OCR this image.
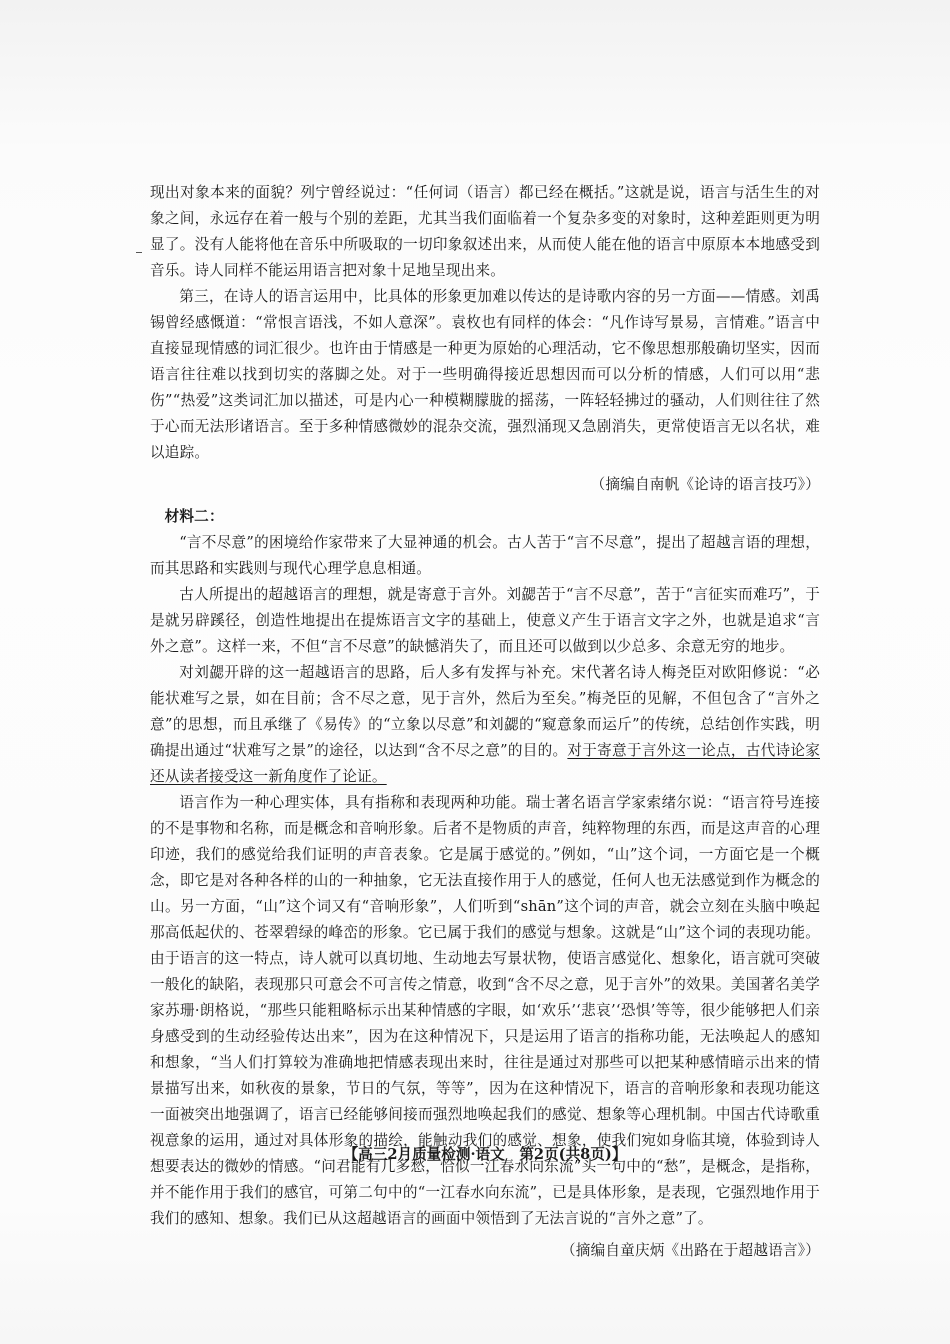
现出对象本来的面貌？列宁曾经说过：“任何词（语言）都已经在概括。”这就是说，语言与活生生的对象之间，永远存在着一般与个别的差距，尤其当我们面临着一个复杂多变的对象时，这种差距则更为明显了。没有人能将他在音乐中所吸取的一切印象叙述出来，从而使人能在他的语言中原原本本地感受到音乐。诗人同样不能运用语言把对象十足地呈现出来。

第三，在诗人的语言运用中，比具体的形象更加难以传达的是诗歌内容的另一方面——情感。刘禹锡曾经感慨道：“常恨言语浅，不如人意深”。袁枚也有同样的体会：“凡作诗写景易，言情难。”语言中直接显现情感的词汇很少。也许由于情感是一种更为原始的心理活动，它不像思想那般确切坚实，因而语言往往难以找到切实的落脚之处。对于一些明确得接近思想因而可以分析的情感，人们可以用“悲伤”“热爱”这类词汇加以描述，可是内心一种模糊朦胧的摇荡，一阵轻轻拂过的骚动，人们则往往了然于心而无法形诸语言。至于多种情感微妙的混杂交流，强烈涌现又急剧消失，更常使语言无以名状，难以追踪。

（摘编自南帆《论诗的语言技巧》）

材料二：

“言不尽意”的困境给作家带来了大显神通的机会。古人苦于“言不尽意”，提出了超越言语的理想，而其思路和实践则与现代心理学息息相通。

古人所提出的超越语言的理想，就是寄意于言外。刘勰苦于“言不尽意”，苦于“言征实而难巧”，于是就另辟蹊径，创造性地提出在提炼语言文字的基础上，使意义产生于语言文字之外，也就是追求“言外之意”。这样一来，不但“言不尽意”的缺憾消失了，而且还可以做到以少总多、余意无穷的地步。

对刘勰开辟的这一超越语言的思路，后人多有发挥与补充。宋代著名诗人梅尧臣对欧阳修说：“必能状难写之景，如在目前；含不尽之意，见于言外，然后为至矣。”梅尧臣的见解，不但包含了“言外之意”的思想，而且承继了《易传》的“立象以尽意”和刘勰的“窥意象而运斤”的传统，总结创作实践，明确提出通过“状难写之景”的途径，以达到“含不尽之意”的目的。对于寄意于言外这一论点，古代诗论家还从读者接受这一新角度作了论证。

语言作为一种心理实体，具有指称和表现两种功能。瑞士著名语言学家索绪尔说：“语言符号连接的不是事物和名称，而是概念和音响形象。后者不是物质的声音，纯粹物理的东西，而是这声音的心理印迹，我们的感觉给我们证明的声音表象。它是属于感觉的。”例如，“山”这个词，一方面它是一个概念，即它是对各种各样的山的一种抽象，它无法直接作用于人的感觉，任何人也无法感觉到作为概念的山。另一方面，“山”这个词又有“音响形象”，人们听到“shān”这个词的声音，就会立刻在头脑中唤起那高低起伏的、苍翠碧绿的峰峦的形象。它已属于我们的感觉与想象。这就是“山”这个词的表现功能。由于语言的这一特点，诗人就可以真切地、生动地去写景状物，使语言感觉化、想象化，语言就可突破一般化的缺陷，表现那只可意会不可言传之情意，收到“含不尽之意，见于言外”的效果。美国著名美学家苏珊·朗格说，“那些只能粗略标示出某种情感的字眼，如‘欢乐’‘悲哀’‘恐惧’等等，很少能够把人们亲身感受到的生动经验传达出来”，因为在这种情况下，只是运用了语言的指称功能，无法唤起人的感知和想象，“当人们打算较为准确地把情感表现出来时，往往是通过对那些可以把某种感情暗示出来的情景描写出来，如秋夜的景象，节日的气氛，等等”，因为在这种情况下，语言的音响形象和表现功能这一面被突出地强调了，语言已经能够间接而强烈地唤起我们的感觉、想象等心理机制。中国古代诗歌重视意象的运用，通过对具体形象的描绘，能触动我们的感觉、想象，使我们宛如身临其境，体验到诗人想要表达的微妙的情感。“问君能有几多愁，恰似一江春水向东流”头一句中的“愁”，是概念，是指称，并不能作用于我们的感官，可第二句中的“一江春水向东流”，已是具体形象，是表现，它强烈地作用于我们的感知、想象。我们已从这超越语言的画面中领悟到了无法言说的“言外之意”了。

（摘编自童庆炳《出路在于超越语言》）

【高三2月质量检测·语文　第2页(共8页)】
